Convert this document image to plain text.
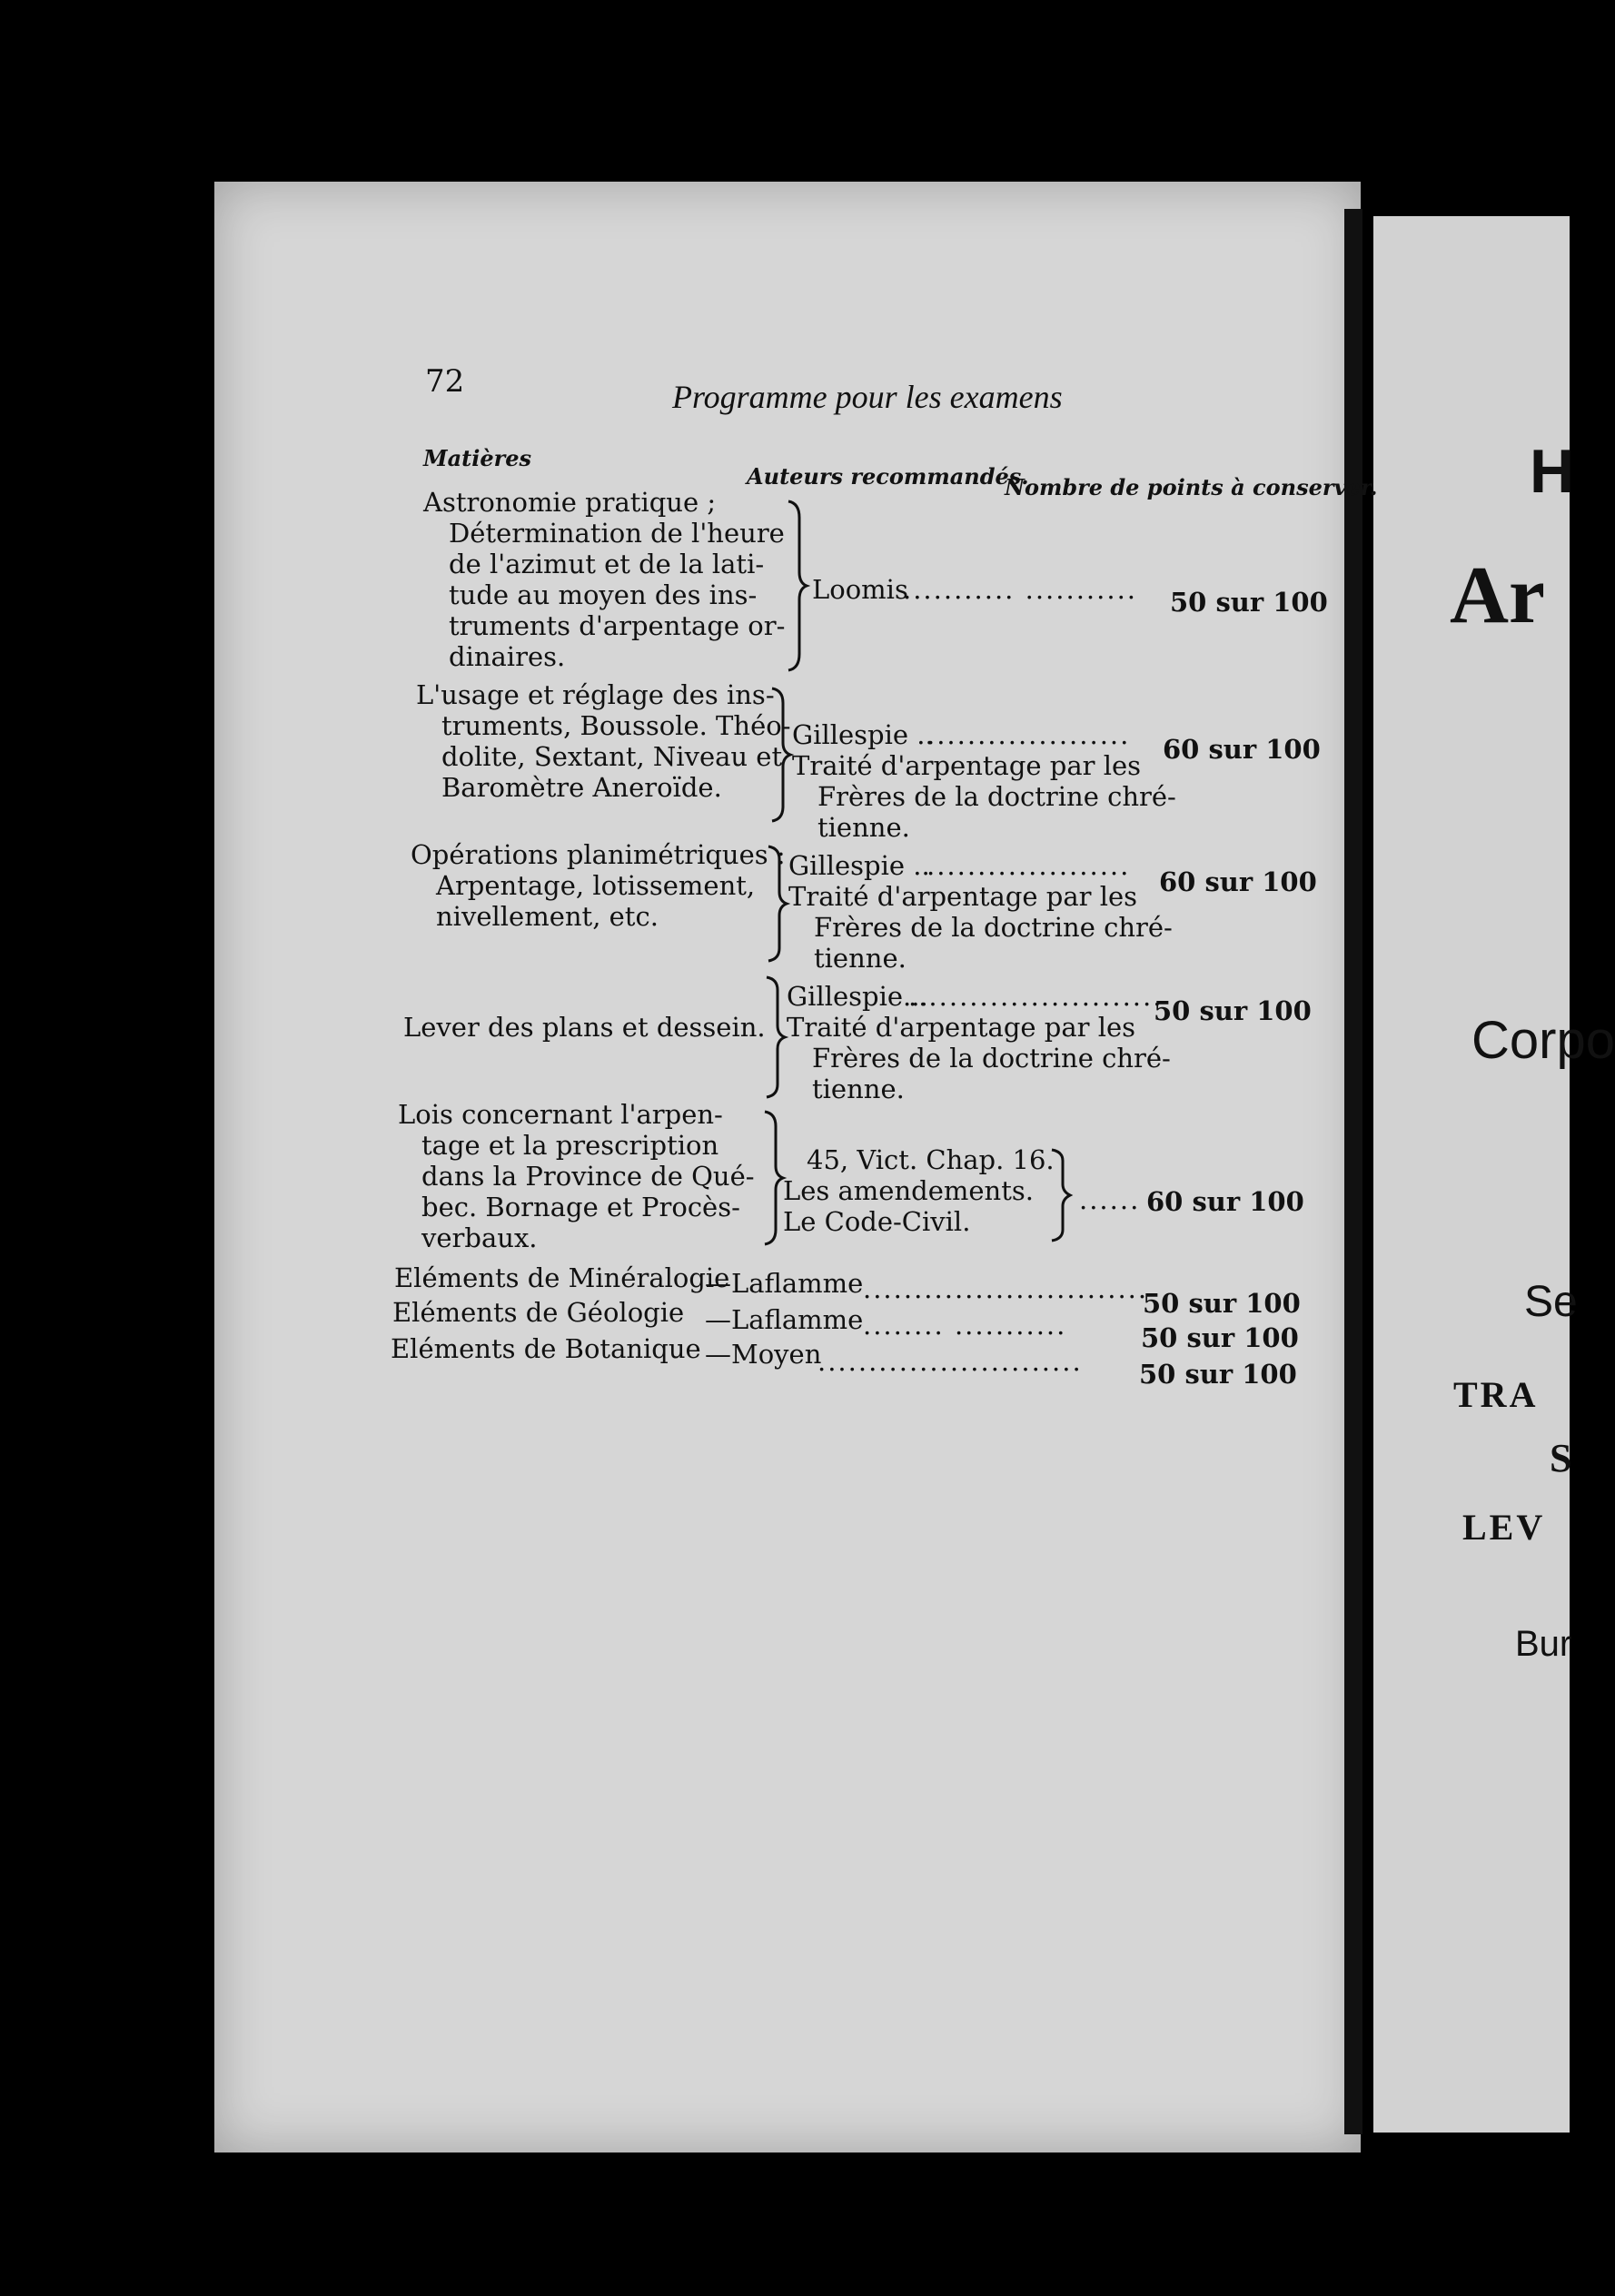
72	Programme pour les examens
Matières
Auteurs recommandés.
Nombre de points à conserver.
Astronomie pratique ;
Détermination de l'heure
de l'azimut et de la lati-
tude au moyen des ins-
truments d'arpentage or-
dinaires.
Loomis
........... ........... 50 sur 100
L'usage et réglage des ins-
truments, Boussole. Théo-
dolite, Sextant, Niveau et
Baromètre Aneroïde.
Gillespie ..
.................... 60 sur 100
Traité d'arpentage par les
Frères de la doctrine chré-
tienne.
Opérations planimétriques :
Arpentage, lotissement,
nivellement, etc.
Gillespie ..
....................
60 sur 100
Traité d'arpentage par les
Frères de la doctrine chré-
tienne.
Lever des plans et dessein.
Gillespie...
.........................
50 sur 100
Traité d'arpentage par les
Frères de la doctrine chré-
tienne.
Lois concernant l'arpen-
tage et la prescription
dans la Province de Qué-
bec. Bornage et Procès-
verbaux.
45, Vict. Chap. 16.
Les amendements.
Le Code-Civil.
...... 60 sur 100
Eléments de Minéralogie
—Laflamme ............................
50 sur 100
Eléments de Géologie —Laflamme ........ ...........	50 sur 100
Eléments de Botanique —Moyen
.......................... 50 sur 100
H
Ar
Corpo
Se
TRA
S
LEV
Bur
